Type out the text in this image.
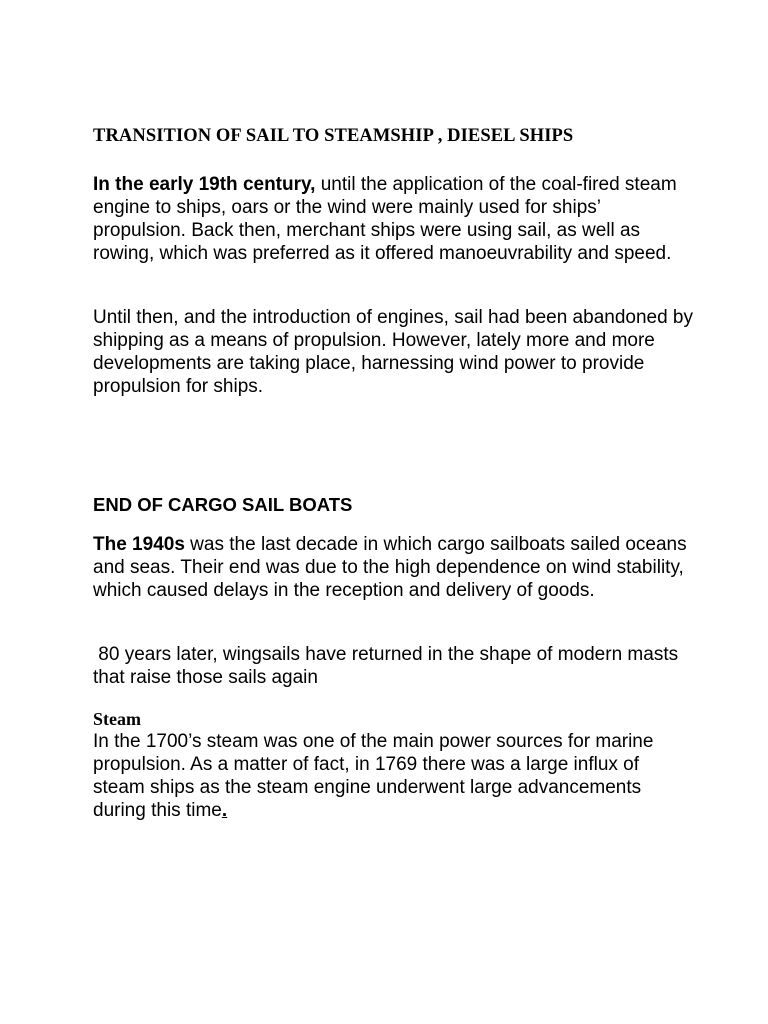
TRANSITION OF SAIL TO STEAMSHIP , DIESEL SHIPS

In the early 19th century, until the application of the coal-fired steam engine to ships, oars or the wind were mainly used for ships’ propulsion. Back then, merchant ships were using sail, as well as rowing, which was preferred as it offered manoeuvrability and speed.

Until then, and the introduction of engines, sail had been abandoned by shipping as a means of propulsion. However, lately more and more developments are taking place, harnessing wind power to provide propulsion for ships.

END OF CARGO SAIL BOATS

The 1940s was the last decade in which cargo sailboats sailed oceans and seas. Their end was due to the high dependence on wind stability, which caused delays in the reception and delivery of goods.

80 years later, wingsails have returned in the shape of modern masts that raise those sails again

Steam

In the 1700’s steam was one of the main power sources for marine propulsion. As a matter of fact, in 1769 there was a large influx of steam ships as the steam engine underwent large advancements during this time.
